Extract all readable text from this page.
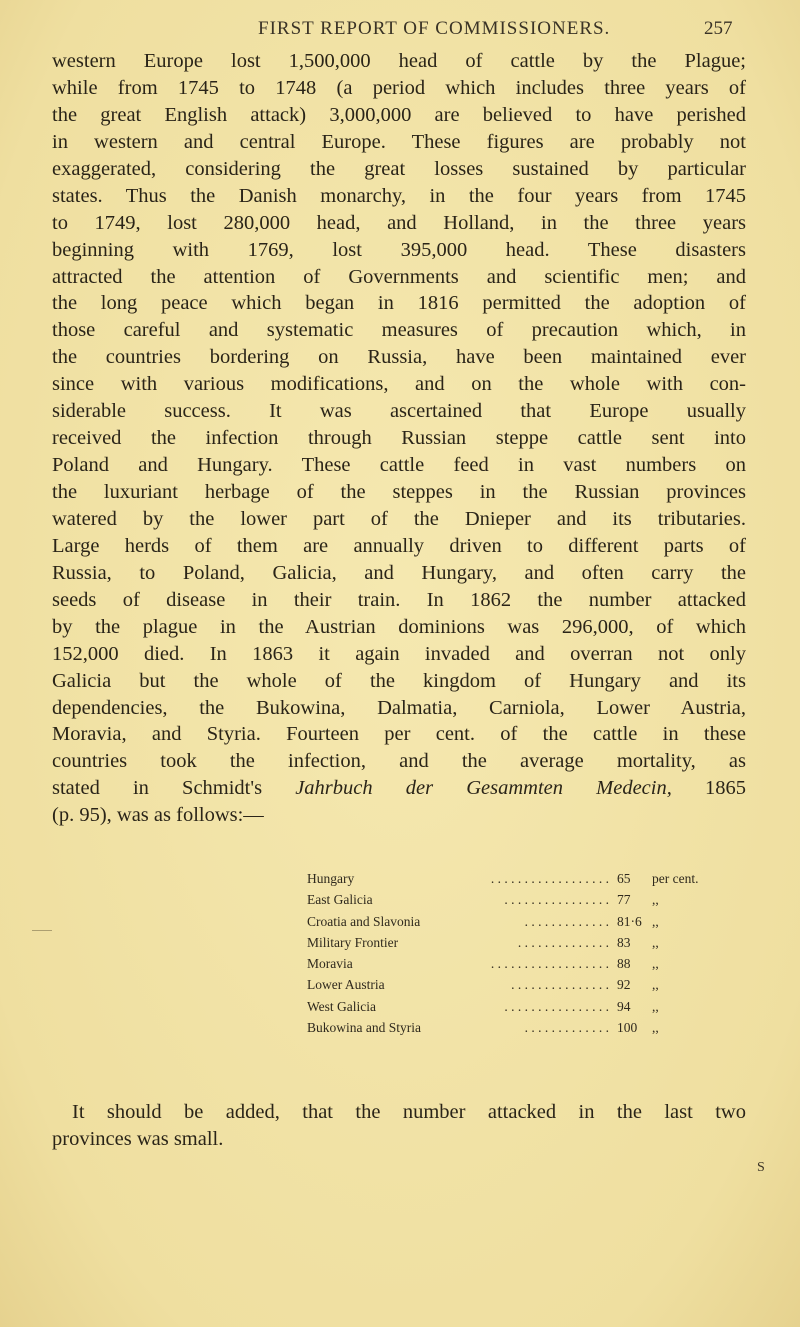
FIRST REPORT OF COMMISSIONERS.	257
western Europe lost 1,500,000 head of cattle by the Plague;
while from 1745 to 1748 (a period which includes three years of
the great English attack) 3,000,000 are believed to have perished
in western and central Europe. These figures are probably not
exaggerated, considering the great losses sustained by particular
states. Thus the Danish monarchy, in the four years from 1745
to 1749, lost 280,000 head, and Holland, in the three years
beginning with 1769, lost 395,000 head. These disasters
attracted the attention of Governments and scientific men; and
the long peace which began in 1816 permitted the adoption of
those careful and systematic measures of precaution which, in
the countries bordering on Russia, have been maintained ever
since with various modifications, and on the whole with con-
siderable success. It was ascertained that Europe usually
received the infection through Russian steppe cattle sent into
Poland and Hungary. These cattle feed in vast numbers on
the luxuriant herbage of the steppes in the Russian provinces
watered by the lower part of the Dnieper and its tributaries.
Large herds of them are annually driven to different parts of
Russia, to Poland, Galicia, and Hungary, and often carry the
seeds of disease in their train. In 1862 the number attacked
by the plague in the Austrian dominions was 296,000, of which
152,000 died. In 1863 it again invaded and overran not only
Galicia but the whole of the kingdom of Hungary and its
dependencies, the Bukowina, Dalmatia, Carniola, Lower Austria,
Moravia, and Styria. Fourteen per cent. of the cattle in these
countries took the infection, and the average mortality, as
stated in Schmidt's Jahrbuch der Gesammten Medecin, 1865
(p. 95), was as follows:—
Hungary	. . . . . . . . . . . . . . . . . . 65 per cent.
East Galicia	. . . . . . . . . . . . . . . . 77 ,,
Croatia and Slavonia	. . . . . . . . . . . . . 81·6 ,,
Military Frontier	. . . . . . . . . . . . . . 83 ,,
Moravia	. . . . . . . . . . . . . . . . . . 88 ,,
Lower Austria	. . . . . . . . . . . . . . . 92 ,,
West Galicia	. . . . . . . . . . . . . . . . 94 ,,
Bukowina and Styria	. . . . . . . . . . . . . 100 ,,
It should be added, that the number attacked in the last two
provinces was small.
S
